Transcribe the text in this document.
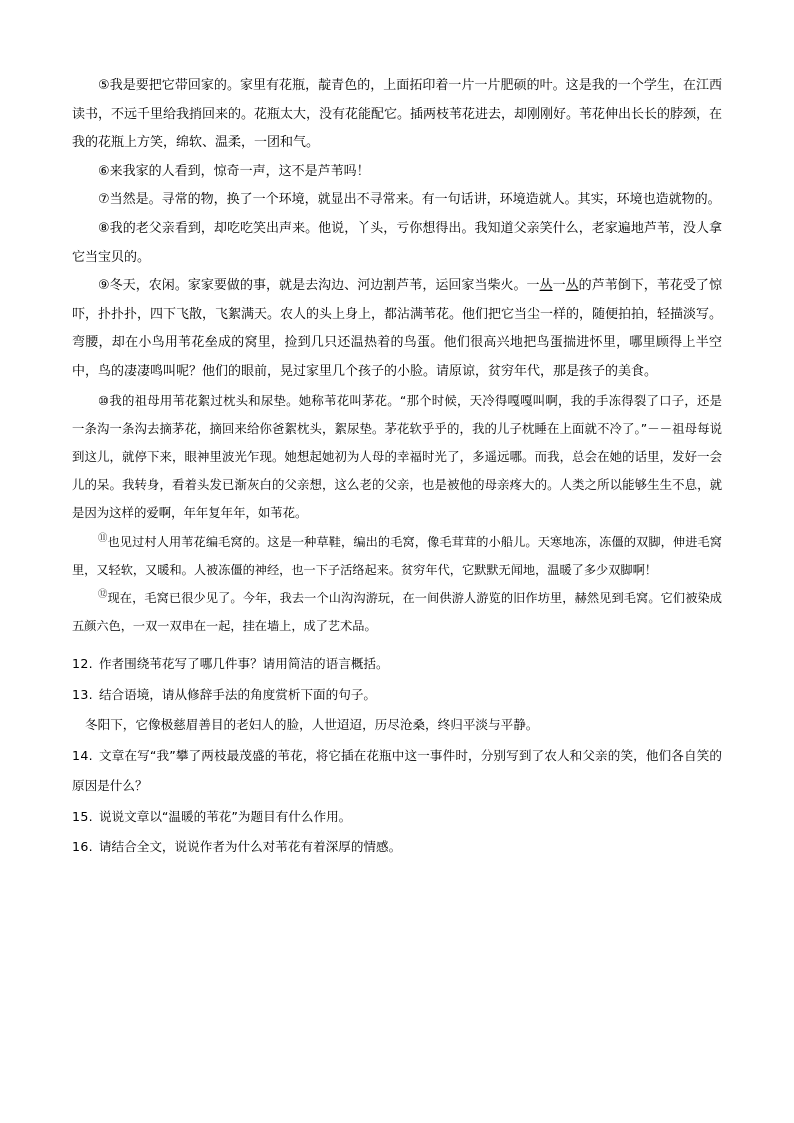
⑤我是要把它带回家的。家里有花瓶，靛青色的，上面拓印着一片一片肥硕的叶。这是我的一个学生，在江西读书，不远千里给我捎回来的。花瓶太大，没有花能配它。插两枝苇花进去，却刚刚好。苇花伸出长长的脖颈，在我的花瓶上方笑，绵软、温柔，一团和气。

⑥来我家的人看到，惊奇一声，这不是芦苇吗！

⑦当然是。寻常的物，换了一个环境，就显出不寻常来。有一句话讲，环境造就人。其实，环境也造就物的。

⑧我的老父亲看到，却吃吃笑出声来。他说，丫头，亏你想得出。我知道父亲笑什么，老家遍地芦苇，没人拿它当宝贝的。

⑨冬天，农闲。家家要做的事，就是去沟边、河边割芦苇，运回家当柴火。一丛一丛的芦苇倒下，苇花受了惊吓，扑扑扑，四下飞散，飞絮满天。农人的头上身上，都沾满苇花。他们把它当尘一样的，随便拍拍，轻描淡写。弯腰，却在小鸟用苇花垒成的窝里，捡到几只还温热着的鸟蛋。他们很高兴地把鸟蛋揣进怀里，哪里顾得上半空中，鸟的凄凄鸣叫呢？他们的眼前，晃过家里几个孩子的小脸。请原谅，贫穷年代，那是孩子的美食。

⑩我的祖母用苇花絮过枕头和尿垫。她称苇花叫茅花。“那个时候，天冷得嘎嘎叫啊，我的手冻得裂了口子，还是一条沟一条沟去摘茅花，摘回来给你爸絮枕头，絮尿垫。茅花软乎乎的，我的儿子枕睡在上面就不冷了。”－－祖母每说到这儿，就停下来，眼神里波光乍现。她想起她初为人母的幸福时光了，多遥远哪。而我，总会在她的话里，发好一会儿的呆。我转身，看着头发已渐灰白的父亲想，这么老的父亲，也是被他的母亲疼大的。人类之所以能够生生不息，就是因为这样的爱啊，年年复年年，如苇花。

⑪也见过村人用苇花编毛窝的。这是一种草鞋，编出的毛窝，像毛茸茸的小船儿。天寒地冻，冻僵的双脚，伸进毛窝里，又轻软，又暖和。人被冻僵的神经，也一下子活络起来。贫穷年代，它默默无闻地，温暖了多少双脚啊！

⑫现在，毛窝已很少见了。今年，我去一个山沟沟游玩，在一间供游人游览的旧作坊里，赫然见到毛窝。它们被染成五颜六色，一双一双串在一起，挂在墙上，成了艺术品。

12. 作者围绕苇花写了哪几件事？请用简洁的语言概括。

13. 结合语境，请从修辞手法的角度赏析下面的句子。

冬阳下，它像极慈眉善目的老妇人的脸，人世迢迢，历尽沧桑，终归平淡与平静。

14. 文章在写“我”攀了两枝最茂盛的苇花，将它插在花瓶中这一事件时，分别写到了农人和父亲的笑，他们各自笑的原因是什么？

15. 说说文章以“温暖的苇花”为题目有什么作用。

16. 请结合全文，说说作者为什么对苇花有着深厚的情感。
